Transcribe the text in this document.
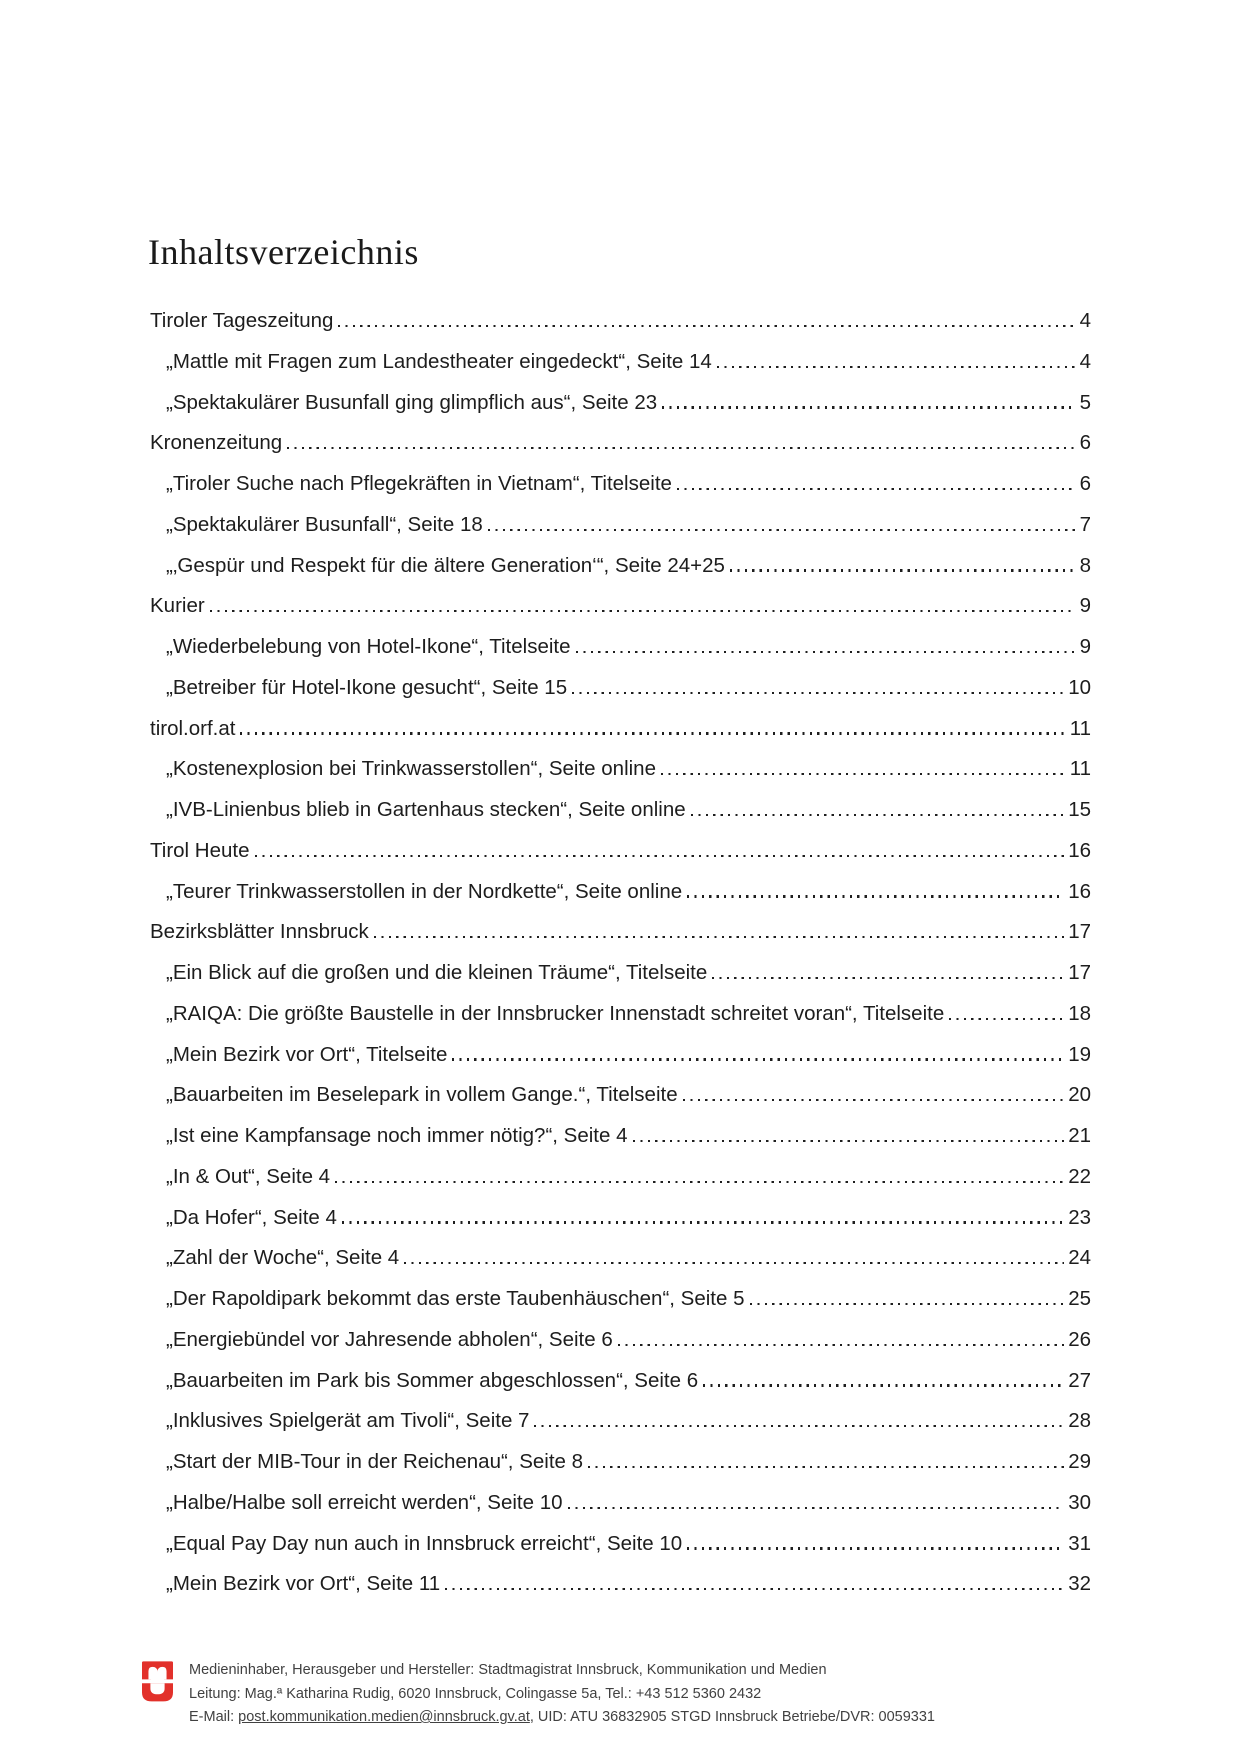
Inhaltsverzeichnis
Tiroler Tageszeitung	4
„Mattle mit Fragen zum Landestheater eingedeckt“, Seite 14	4
„Spektakulärer Busunfall ging glimpflich aus“, Seite 23	5
Kronenzeitung	6
„Tiroler Suche nach Pflegekräften in Vietnam“, Titelseite	6
„Spektakulärer Busunfall“, Seite 18	7
„‚Gespür und Respekt für die ältere Generation‘“, Seite 24+25	8
Kurier	9
„Wiederbelebung von Hotel-Ikone“, Titelseite	9
„Betreiber für Hotel-Ikone gesucht“, Seite 15	10
tirol.orf.at	11
„Kostenexplosion bei Trinkwasserstollen“, Seite online	11
„IVB-Linienbus blieb in Gartenhaus stecken“, Seite online	15
Tirol Heute	16
„Teurer Trinkwasserstollen in der Nordkette“, Seite online	16
Bezirksblätter Innsbruck	17
„Ein Blick auf die großen und die kleinen Träume“, Titelseite	17
„RAIQA: Die größte Baustelle in der Innsbrucker Innenstadt schreitet voran“, Titelseite	18
„Mein Bezirk vor Ort“, Titelseite	19
„Bauarbeiten im Beselepark in vollem Gange.“, Titelseite	20
„Ist eine Kampfansage noch immer nötig?“, Seite 4	21
„In & Out“, Seite 4	22
„Da Hofer“, Seite 4	23
„Zahl der Woche“, Seite 4	24
„Der Rapoldipark bekommt das erste Taubenhäuschen“, Seite 5	25
„Energiebündel vor Jahresende abholen“, Seite 6	26
„Bauarbeiten im Park bis Sommer abgeschlossen“, Seite 6	27
„Inklusives Spielgerät am Tivoli“, Seite 7	28
„Start der MIB-Tour in der Reichenau“, Seite 8	29
„Halbe/Halbe soll erreicht werden“, Seite 10	30
„Equal Pay Day nun auch in Innsbruck erreicht“, Seite 10	31
„Mein Bezirk vor Ort“, Seite 11	32
Medieninhaber, Herausgeber und Hersteller: Stadtmagistrat Innsbruck, Kommunikation und Medien
Leitung: Mag.ª Katharina Rudig, 6020 Innsbruck, Colingasse 5a, Tel.: +43 512 5360 2432
E-Mail: post.kommunikation.medien@innsbruck.gv.at, UID: ATU 36832905 STGD Innsbruck Betriebe/DVR: 0059331
